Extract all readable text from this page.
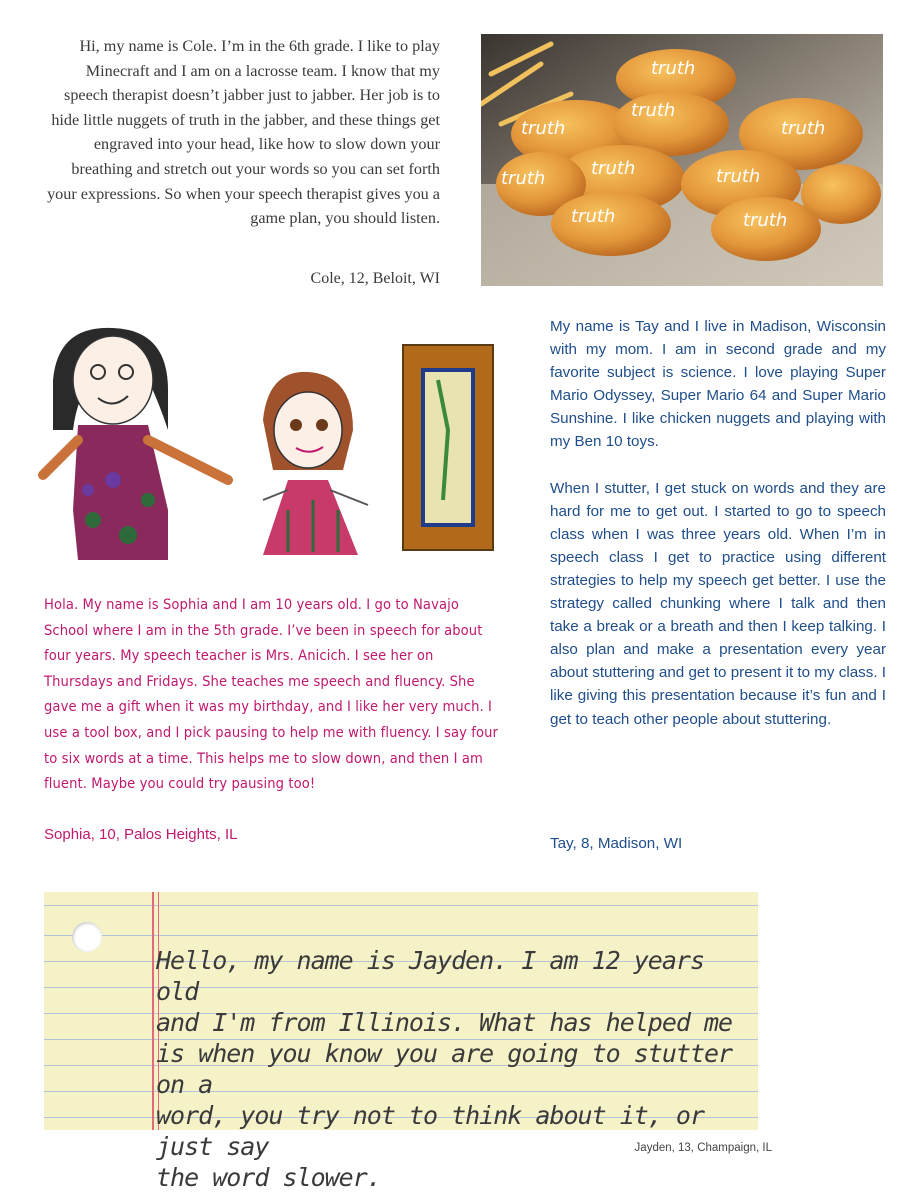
Hi, my name is Cole. I’m in the 6th grade. I like to play Minecraft and I am on a lacrosse team. I know that my speech therapist doesn’t jabber just to jabber. Her job is to hide little nuggets of truth in the jabber, and these things get engraved into your head, like how to slow down your breathing and stretch out your words so you can set forth your expressions. So when your speech therapist gives you a game plan, you should listen.

Cole, 12, Beloit, WI

truth
truth
truth
truth
truth
truth	truth
truth	truth

Hola. My name is Sophia and I am 10 years old. I go to Navajo School where I am in the 5th grade. I’ve been in speech for about four years. My speech teacher is Mrs. Anicich. I see her on Thursdays and Fridays. She teaches me speech and fluency. She gave me a gift when it was my birthday, and I like her very much. I use a tool box, and I pick pausing to help me with fluency. I say four to six words at a time. This helps me to slow down, and then I am fluent. Maybe you could try pausing too!

Sophia, 10, Palos Heights, IL

My name is Tay and I live in Madison, Wisconsin with my mom. I am in second grade and my favorite subject is science. I love playing Super Mario Odyssey, Super Mario 64 and Super Mario Sunshine. I like chicken nuggets and playing with my Ben 10 toys.

When I stutter, I get stuck on words and they are hard for me to get out. I started to go to speech class when I was three years old. When I’m in speech class I get to practice using different strategies to help my speech get better. I use the strategy called chunking where I talk and then take a break or a breath and then I keep talking. I also plan and make a presentation every year about stuttering and get to present it to my class. I like giving this presentation because it’s fun and I get to teach other people about stuttering.

Tay, 8, Madison, WI

Hello, my name is Jayden. I am 12 years old
and I'm from Illinois. What has helped me
is when you know you are going to stutter on a
word, you try not to think about it, or just say
the word slower.

Jayden, 13, Champaign, IL
